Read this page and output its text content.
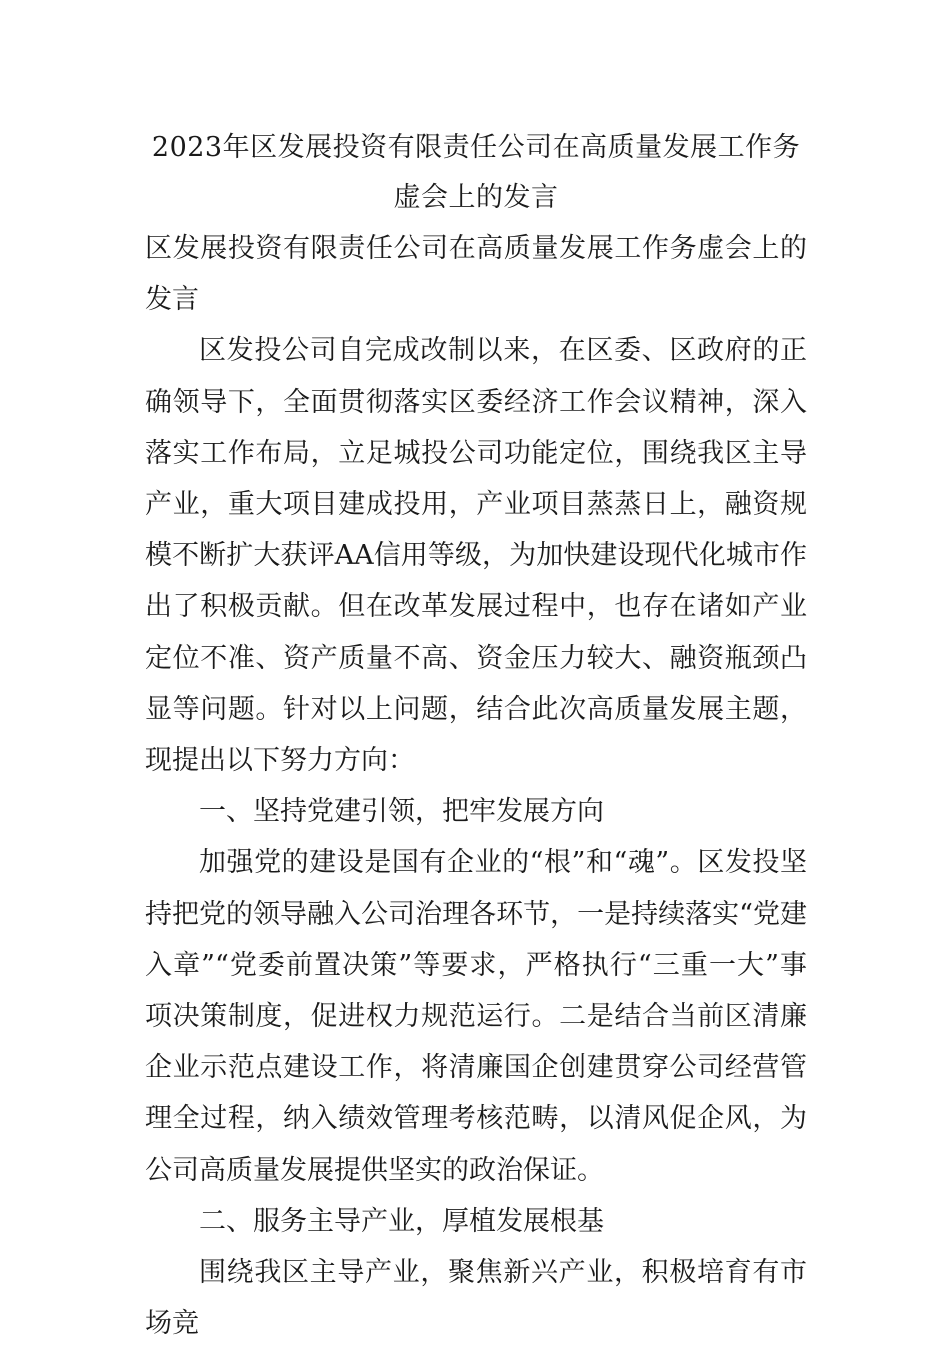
2023年区发展投资有限责任公司在高质量发展工作务虚会上的发言

区发展投资有限责任公司在高质量发展工作务虚会上的发言

区发投公司自完成改制以来，在区委、区政府的正确领导下，全面贯彻落实区委经济工作会议精神，深入落实工作布局，立足城投公司功能定位，围绕我区主导产业，重大项目建成投用，产业项目蒸蒸日上，融资规模不断扩大获评AA信用等级，为加快建设现代化城市作出了积极贡献。但在改革发展过程中，也存在诸如产业定位不准、资产质量不高、资金压力较大、融资瓶颈凸显等问题。针对以上问题，结合此次高质量发展主题，现提出以下努力方向：

一、坚持党建引领，把牢发展方向

加强党的建设是国有企业的“根”和“魂”。区发投坚持把党的领导融入公司治理各环节，一是持续落实“党建入章”“党委前置决策”等要求，严格执行“三重一大”事项决策制度，促进权力规范运行。二是结合当前区清廉企业示范点建设工作，将清廉国企创建贯穿公司经营管理全过程，纳入绩效管理考核范畴，以清风促企风，为公司高质量发展提供坚实的政治保证。

二、服务主导产业，厚植发展根基

围绕我区主导产业，聚焦新兴产业，积极培育有市场竞
